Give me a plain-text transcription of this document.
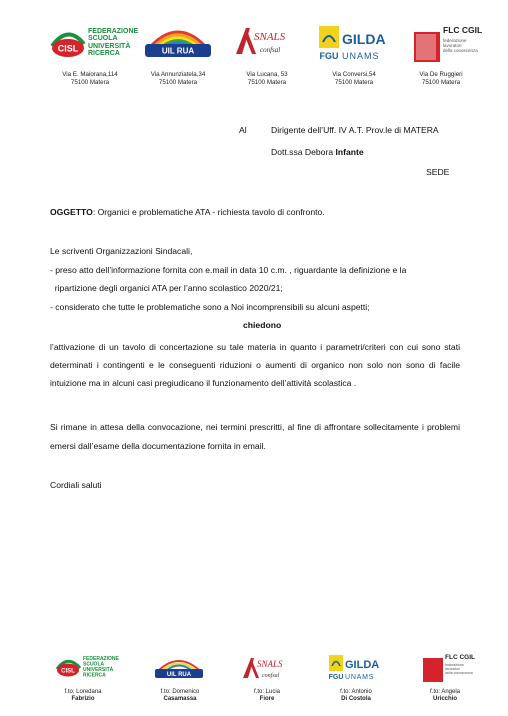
CISL
FEDERAZIONE
SCUOLA
UNIVERSITÀ
RICERCA	UIL RUA
SNALS
confsal
FGU
GILDA
UNAMS
FLC CGIL
federazione
lavoratori
della conoscenza
Via E. Maiorana,114
75100 Matera
Via Annunziatela,34
75100 Matera
Via Lucana, 53
75100 Matera
Via Conversi,54
75100 Matera
Via De Ruggieri
75100 Matera
Al	Dirigente dell’Uff. IV A.T. Prov.le di MATERA
Dott.ssa Debora Infante
SEDE
OGGETTO: Organici e problematiche ATA - richiesta tavolo di confronto.
Le scriventi Organizzazioni Sindacali,
- preso atto dell’informazione fornita con e.mail in data 10 c.m. , riguardante la definizione e la
ripartizione degli organici ATA per l’anno scolastico 2020/21;
- considerato che tutte le problematiche sono a Noi incomprensibili su alcuni aspetti;
chiedono
l’attivazione di un tavolo di concertazione su tale materia in quanto i parametri/criteri con cui sono stati determinati i contingenti e le conseguenti riduzioni o aumenti di organico non solo non sono di facile intuizione ma in alcuni casi pregiudicano il funzionamento dell’attività scolastica .
Si rimane in attesa della convocazione, nei termini prescritti, al fine di affrontare sollecitamente i problemi emersi dall’esame della documentazione fornita in email.
Cordiali saluti
CISL
FEDERAZIONE
SCUOLA
UNIVERSITÀ
RICERCA	UIL RUA
SNALS
confsal	FGU
GILDA
UNAMS
FLC CGIL
federazione
lavoratori
della conoscenza
f.to: Loredana
Fabrizio
f.to: Domenico
Casamassa
f.to: Lucia
Fiore
f.to: Antonio
Di Costola
f.to: Angela
Uricchio
